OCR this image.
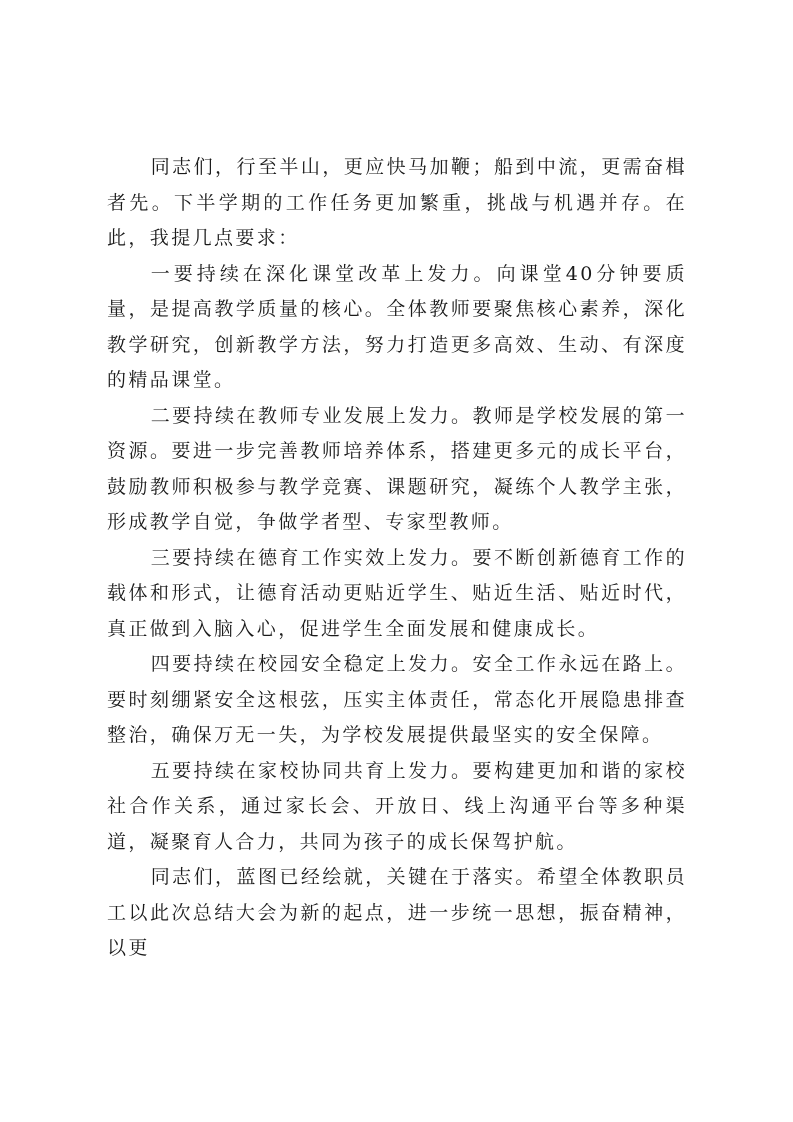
同志们，行至半山，更应快马加鞭；船到中流，更需奋楫者先。下半学期的工作任务更加繁重，挑战与机遇并存。在此，我提几点要求：

一要持续在深化课堂改革上发力。向课堂40分钟要质量，是提高教学质量的核心。全体教师要聚焦核心素养，深化教学研究，创新教学方法，努力打造更多高效、生动、有深度的精品课堂。

二要持续在教师专业发展上发力。教师是学校发展的第一资源。要进一步完善教师培养体系，搭建更多元的成长平台，鼓励教师积极参与教学竞赛、课题研究，凝练个人教学主张，形成教学自觉，争做学者型、专家型教师。

三要持续在德育工作实效上发力。要不断创新德育工作的载体和形式，让德育活动更贴近学生、贴近生活、贴近时代，真正做到入脑入心，促进学生全面发展和健康成长。

四要持续在校园安全稳定上发力。安全工作永远在路上。要时刻绷紧安全这根弦，压实主体责任，常态化开展隐患排查整治，确保万无一失，为学校发展提供最坚实的安全保障。

五要持续在家校协同共育上发力。要构建更加和谐的家校社合作关系，通过家长会、开放日、线上沟通平台等多种渠道，凝聚育人合力，共同为孩子的成长保驾护航。

同志们，蓝图已经绘就，关键在于落实。希望全体教职员工以此次总结大会为新的起点，进一步统一思想，振奋精神，以更
